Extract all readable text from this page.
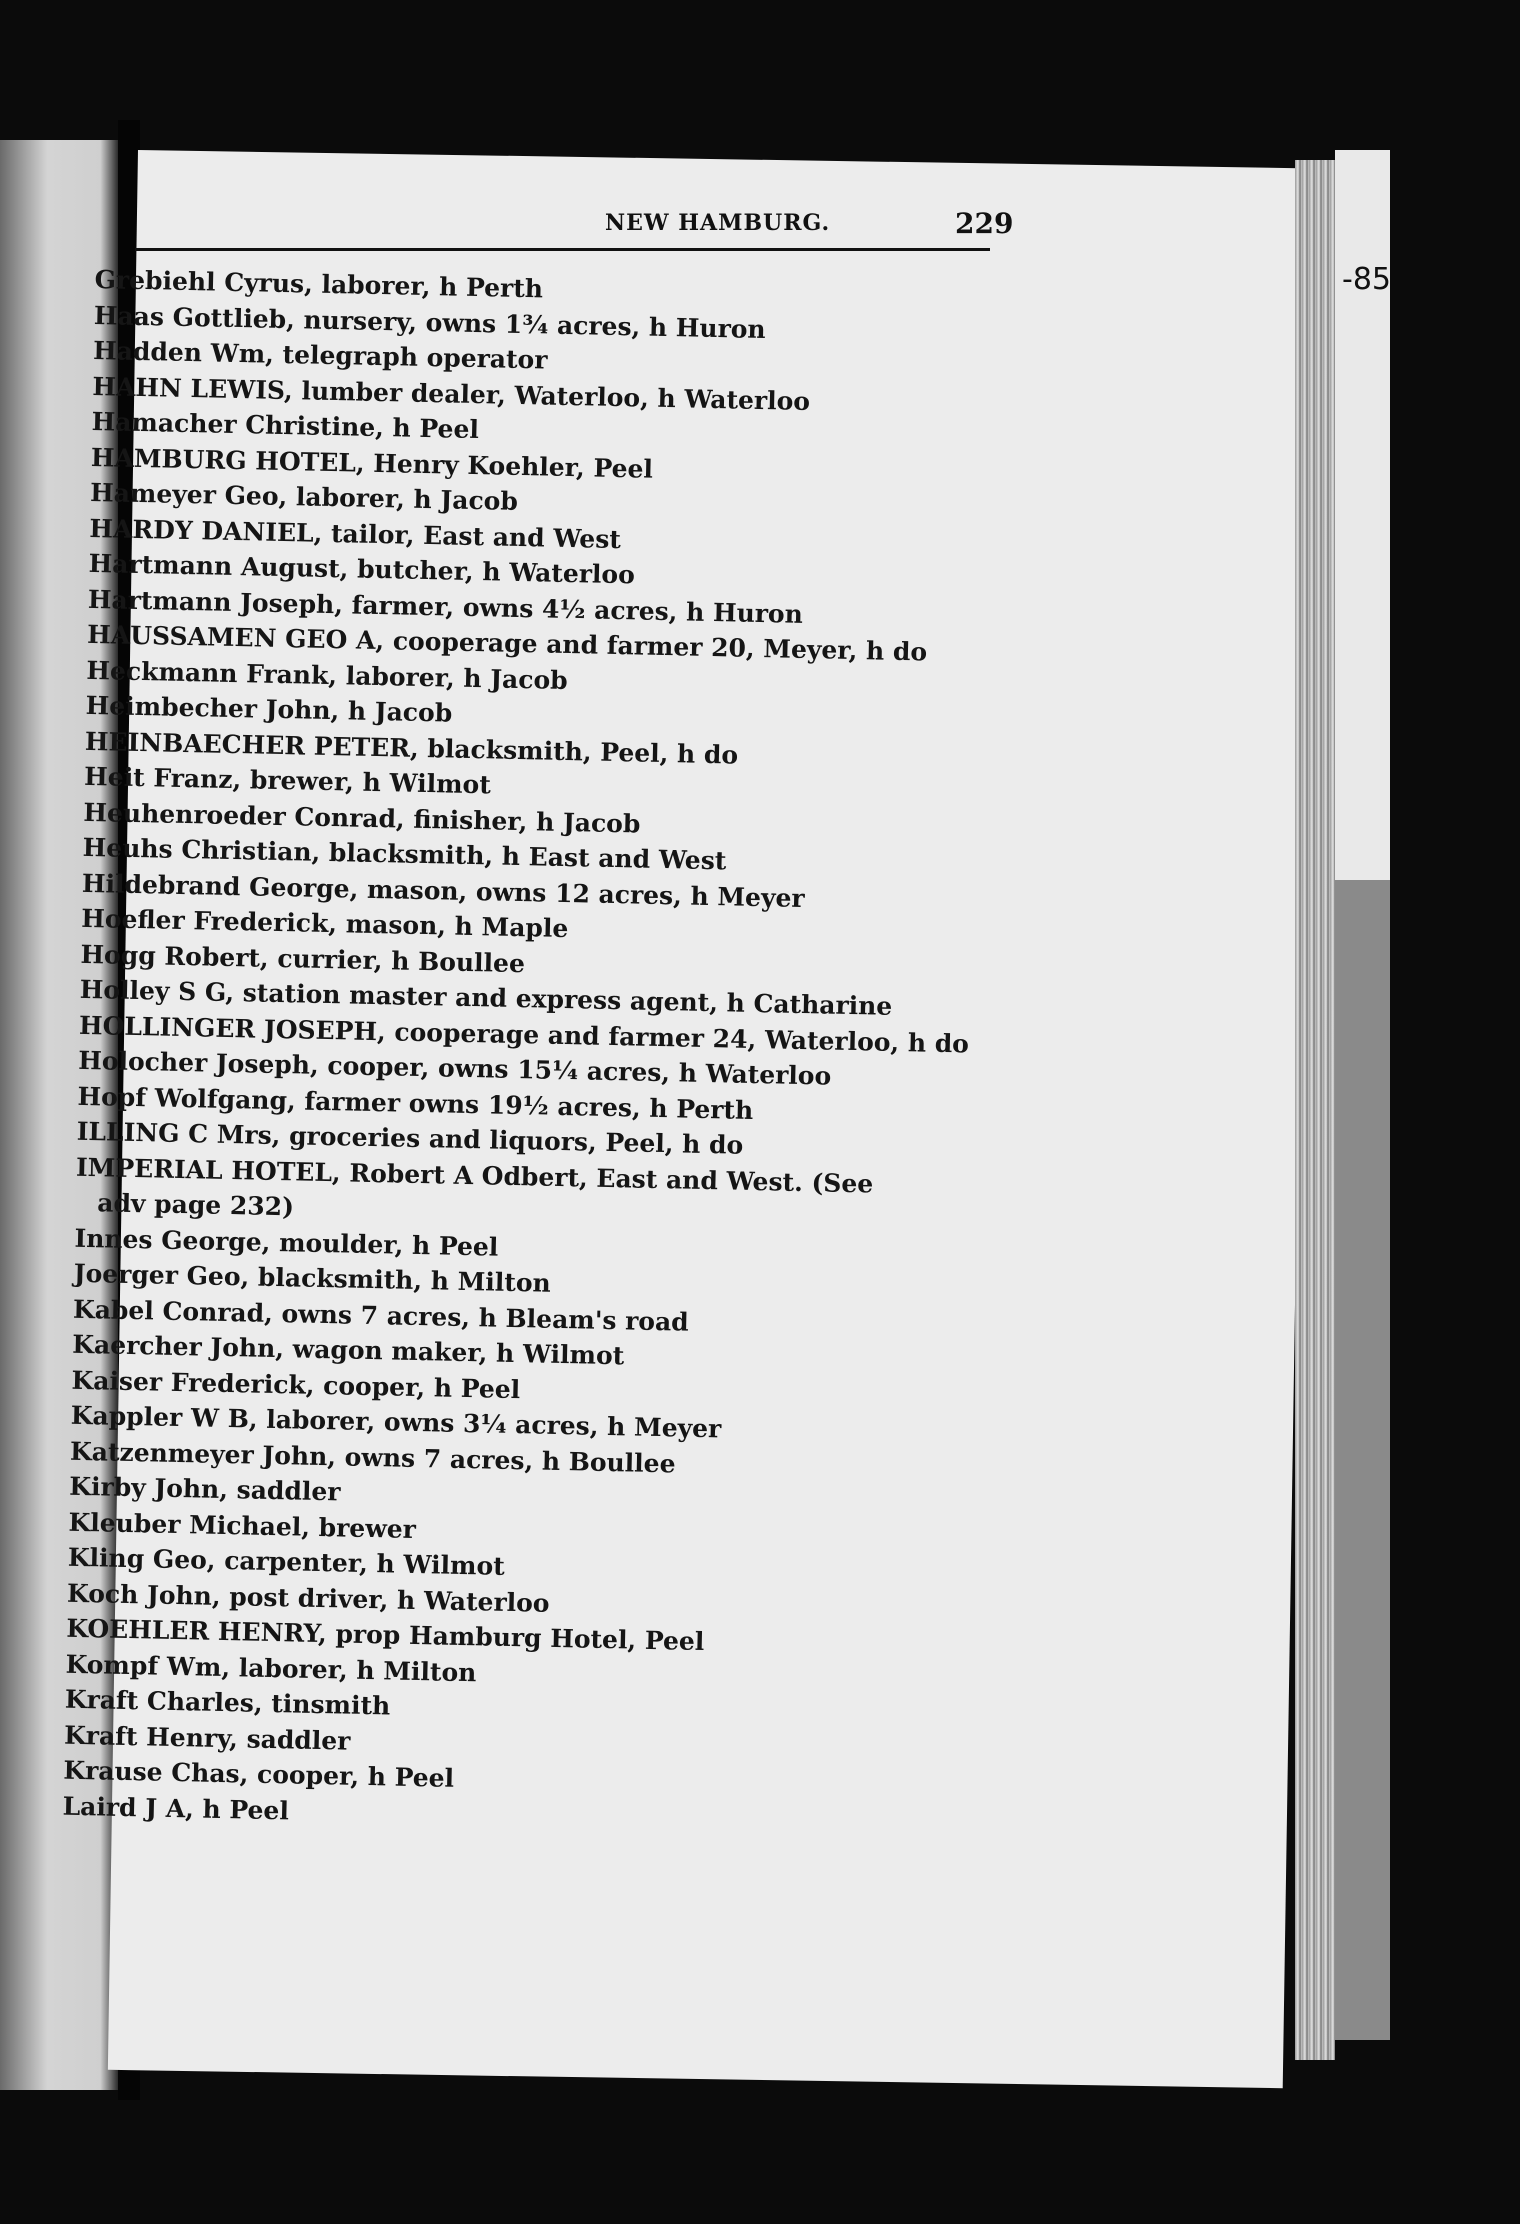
-85
NEW HAMBURG.	229
Grebiehl Cyrus, laborer, h Perth
Haas Gottlieb, nursery, owns 1¾ acres, h Huron
Hadden Wm, telegraph operator
HAHN LEWIS, lumber dealer, Waterloo, h Waterloo
Hamacher Christine, h Peel
HAMBURG HOTEL, Henry Koehler, Peel
Hameyer Geo, laborer, h Jacob
HARDY DANIEL, tailor, East and West
Hartmann August, butcher, h Waterloo
Hartmann Joseph, farmer, owns 4½ acres, h Huron
HAUSSAMEN GEO A, cooperage and farmer 20, Meyer, h do
Heckmann Frank, laborer, h Jacob
Heimbecher John, h Jacob
HEINBAECHER PETER, blacksmith, Peel, h do
Heit Franz, brewer, h Wilmot
Heuhenroeder Conrad, finisher, h Jacob
Heuhs Christian, blacksmith, h East and West
Hildebrand George, mason, owns 12 acres, h Meyer
Hoefler Frederick, mason, h Maple
Hogg Robert, currier, h Boullee
Holley S G, station master and express agent, h Catharine
HOLLINGER JOSEPH, cooperage and farmer 24, Waterloo, h do
Holocher Joseph, cooper, owns 15¼ acres, h Waterloo
Hopf Wolfgang, farmer owns 19½ acres, h Perth
ILLING C Mrs, groceries and liquors, Peel, h do
IMPERIAL HOTEL, Robert A Odbert, East and West. (See
adv page 232)
Innes George, moulder, h Peel
Joerger Geo, blacksmith, h Milton
Kabel Conrad, owns 7 acres, h Bleam's road
Kaercher John, wagon maker, h Wilmot
Kaiser Frederick, cooper, h Peel
Kappler W B, laborer, owns 3¼ acres, h Meyer
Katzenmeyer John, owns 7 acres, h Boullee
Kirby John, saddler
Kleuber Michael, brewer
Kling Geo, carpenter, h Wilmot
Koch John, post driver, h Waterloo
KOEHLER HENRY, prop Hamburg Hotel, Peel
Kompf Wm, laborer, h Milton
Kraft Charles, tinsmith
Kraft Henry, saddler
Krause Chas, cooper, h Peel
Laird J A, h Peel
